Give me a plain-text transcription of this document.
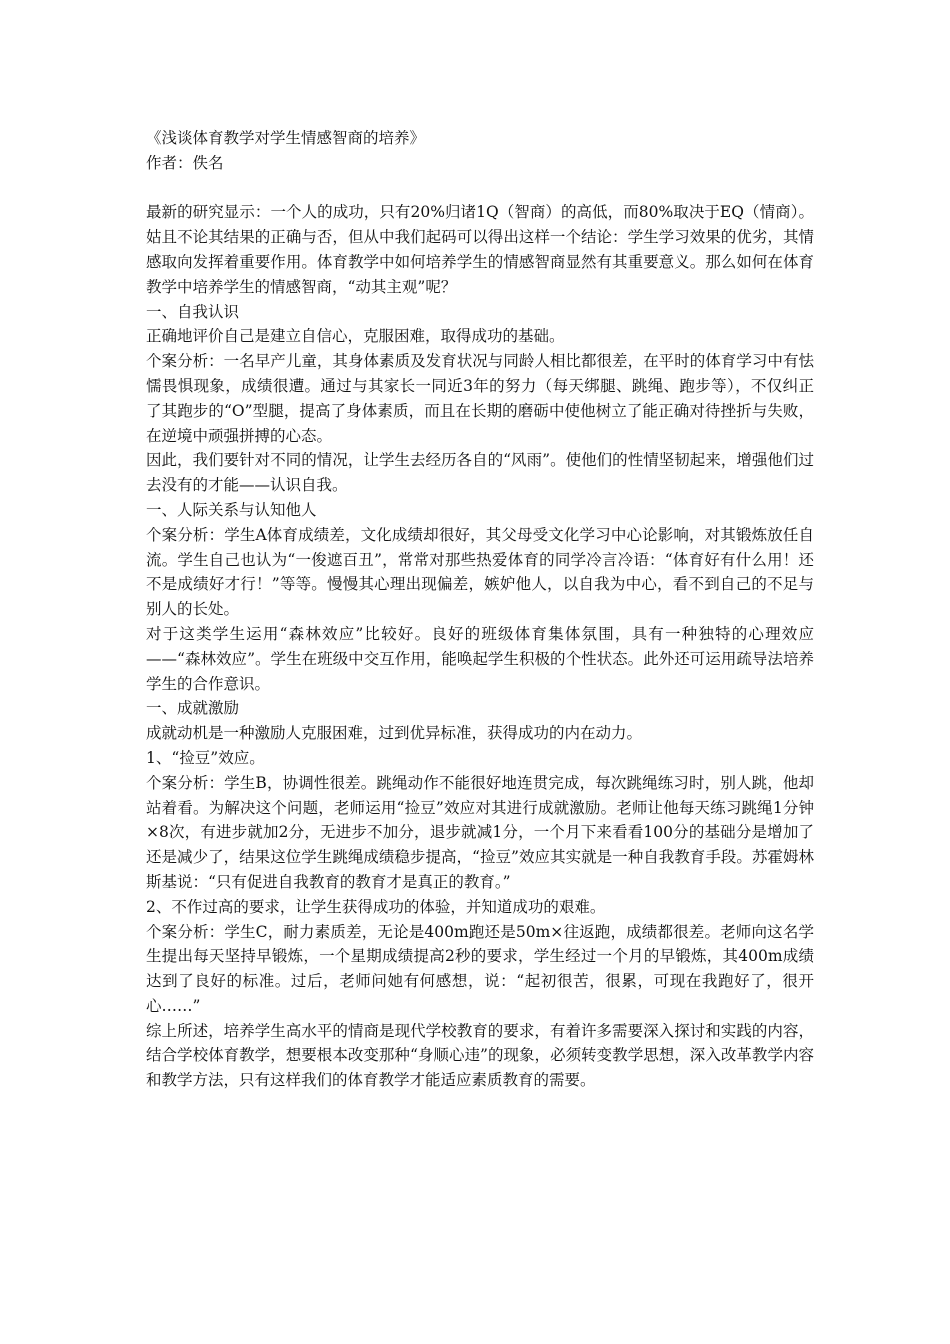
《浅谈体育教学对学生情感智商的培养》

作者：佚名

最新的研究显示：一个人的成功，只有20%归诸1Q（智商）的高低，而80%取决于EQ（情商）。姑且不论其结果的正确与否，但从中我们起码可以得出这样一个结论：学生学习效果的优劣，其情感取向发挥着重要作用。体育教学中如何培养学生的情感智商显然有其重要意义。那么如何在体育教学中培养学生的情感智商，“动其主观”呢？

一、自我认识

正确地评价自己是建立自信心，克服困难，取得成功的基础。

个案分析：一名早产儿童，其身体素质及发育状况与同龄人相比都很差，在平时的体育学习中有怯懦畏惧现象，成绩很遭。通过与其家长一同近3年的努力（每天绑腿、跳绳、跑步等），不仅纠正了其跑步的“O”型腿，提高了身体素质，而且在长期的磨砺中使他树立了能正确对待挫折与失败，在逆境中顽强拼搏的心态。

因此，我们要针对不同的情况，让学生去经历各自的“风雨”。使他们的性情坚韧起来，增强他们过去没有的才能——认识自我。

一、人际关系与认知他人

个案分析：学生A体育成绩差，文化成绩却很好，其父母受文化学习中心论影响，对其锻炼放任自流。学生自己也认为“一俊遮百丑”，常常对那些热爱体育的同学冷言冷语：“体育好有什么用！还不是成绩好才行！”等等。慢慢其心理出现偏差，嫉妒他人，以自我为中心，看不到自己的不足与别人的长处。

对于这类学生运用“森林效应”比较好。良好的班级体育集体氛围，具有一种独特的心理效应——“森林效应”。学生在班级中交互作用，能唤起学生积极的个性状态。此外还可运用疏导法培养学生的合作意识。

一、成就激励

成就动机是一种激励人克服困难，过到优异标准，获得成功的内在动力。

1、“捡豆”效应。

个案分析：学生B，协调性很差。跳绳动作不能很好地连贯完成，每次跳绳练习时，别人跳，他却站着看。为解决这个问题，老师运用“捡豆”效应对其进行成就激励。老师让他每天练习跳绳1分钟×8次，有进步就加2分，无进步不加分，退步就减1分，一个月下来看看100分的基础分是增加了还是减少了，结果这位学生跳绳成绩稳步提高，“捡豆”效应其实就是一种自我教育手段。苏霍姆林斯基说：“只有促进自我教育的教育才是真正的教育。”

2、不作过高的要求，让学生获得成功的体验，并知道成功的艰难。

个案分析：学生C，耐力素质差，无论是400m跑还是50m×往返跑，成绩都很差。老师向这名学生提出每天坚持早锻炼，一个星期成绩提高2秒的要求，学生经过一个月的早锻炼，其400m成绩达到了良好的标准。过后，老师问她有何感想，说：“起初很苦，很累，可现在我跑好了，很开心……”

综上所述，培养学生高水平的情商是现代学校教育的要求，有着许多需要深入探讨和实践的内容，结合学校体育教学，想要根本改变那种“身顺心违”的现象，必须转变教学思想，深入改革教学内容和教学方法，只有这样我们的体育教学才能适应素质教育的需要。
